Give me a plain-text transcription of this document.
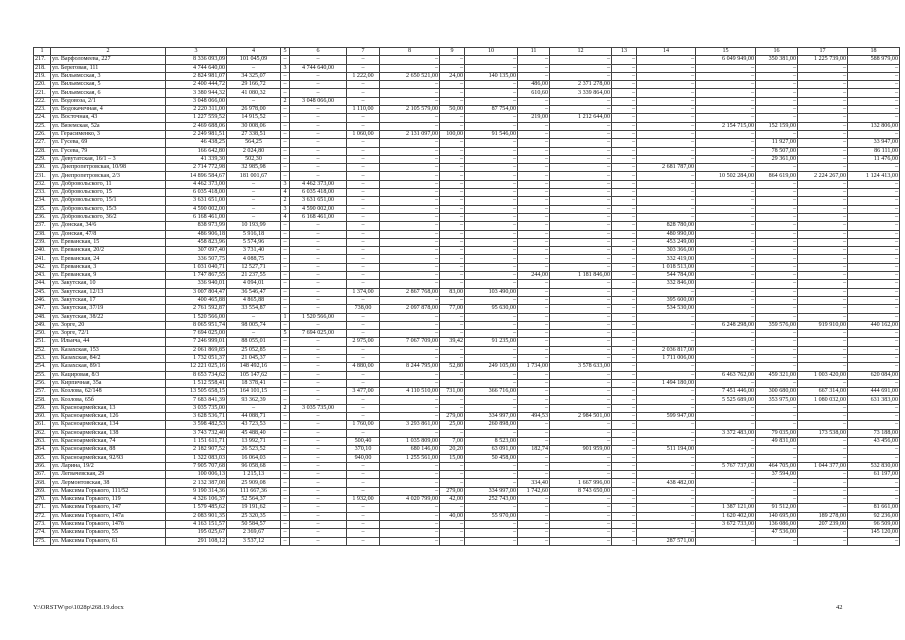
1	2	3	4	5	6	7	8	9	10	11	12	13	14	15	16	17	18
217.	ул. Варфоломеева, 227	8 336 093,09	101 045,09	–	–	–	–	–	–	–	–	–	–	6 049 949,00	350 381,00	1 225 739,00	588 979,00
218.	ул. Береговая, 111	4 744 640,00	–	3	4 744 640,00	–	–	–	–	–	–	–	–	–	–	–	–
219.	ул. Вильямсская, 3	2 824 981,07	34 325,07	–	–	1 222,00	2 650 521,00	24,00	140 135,00	–	–	–	–	–	–	–	–
220.	ул. Вильямсская, 5	2 400 444,72	29 166,72	–	–	–	–	–	–	486,00	2 371 278,00	–	–	–	–	–	–
221.	ул. Вильямсская, 6	3 380 944,32	41 080,32	–	–	–	–	–	–	610,60	3 339 864,00	–	–	–	–	–	–
222.	ул. Водовоза, 2/1	3 048 066,00	–	2	3 048 066,00	–	–	–	–	–	–	–	–	–	–	–	–
223.	ул. Водокачечная, 4	2 220 311,00	26 978,00	–	–	1 110,00	2 105 579,00	50,00	87 754,00	–	–	–	–	–	–	–	–
224.	ул. Восточная, 43	1 227 559,52	14 915,52	–	–	–	–	–	–	219,00	1 212 644,00	–	–	–	–	–	–
225.	ул. Вяземская, 52а	2 469 688,06	30 008,06	–	–	–	–	–	–	–	–	–	–	2 154 715,00	152 159,00	–	132 806,00
226.	ул. Герасименко, 3	2 249 981,51	27 338,51	–	–	1 060,00	2 131 097,00	100,00	91 546,00	–	–	–	–	–	–	–	–
227.	ул. Гусева, 69	46 438,25	564,25	–	–	–	–	–	–	–	–	–	–	–	11 927,00	–	33 947,00
228.	ул. Гусева, 79	166 642,80	2 024,80	–	–	–	–	–	–	–	–	–	–	–	78 507,00	–	86 111,00
229.	ул. Девутатская, 16/1 – 3	41 339,30	502,30	–	–	–	–	–	–	–	–	–	–	–	29 361,00	–	11 476,00
230.	ул. Днепропетровская, 10/98	2 714 772,98	32 985,98	–	–	–	–	–	–	–	–	–	2 681 787,00	–	–	–	–
231.	ул. Днепропетровская, 2/3	14 896 584,67	181 001,67	–	–	–	–	–	–	–	–	–	–	10 502 284,00	864 619,00	2 224 267,00	1 124 413,00
232.	ул. Добровольского, 11	4 462 373,00	–	3	4 462 373,00	–	–	–	–	–	–	–	–	–	–	–	–
233.	ул. Добровольского, 15	6 035 418,00	–	4	6 035 418,00	–	–	–	–	–	–	–	–	–	–	–	–
234.	ул. Добровольского, 15/1	3 631 651,00	–	2	3 631 651,00	–	–	–	–	–	–	–	–	–	–	–	–
235.	ул. Добровольского, 15/3	4 590 002,00	–	3	4 590 002,00	–	–	–	–	–	–	–	–	–	–	–	–
236.	ул. Добровольского, 36/2	6 168 461,00	–	4	6 168 461,00	–	–	–	–	–	–	–	–	–	–	–	–
237.	ул. Донская, 34/6	838 973,99	10 193,99	–	–	–	–	–	–	–	–	–	828 780,00	–	–	–	–
238.	ул. Донская, 47/8	486 906,18	5 916,18	–	–	–	–	–	–	–	–	–	480 990,00	–	–	–	–
239.	ул. Ереванская, 15	458 823,96	5 574,96	–	–	–	–	–	–	–	–	–	453 249,00	–	–	–	–
240.	ул. Ереванская, 20/2	307 097,40	3 731,40	–	–	–	–	–	–	–	–	–	303 366,00	–	–	–	–
241.	ул. Ереванская, 24	336 507,75	4 088,75	–	–	–	–	–	–	–	–	–	332 419,00	–	–	–	–
242.	ул. Ереванская, 3	1 031 040,71	12 527,71	–	–	–	–	–	–	–	–	–	1 018 513,00	–	–	–	–
243.	ул. Ереванская, 9	1 747 867,55	21 237,55	–	–	–	–	–	–	244,00	1 181 846,00	–	544 784,00	–	–	–	–
244.	ул. Закутская, 10	336 940,01	4 094,01	–	–	–	–	–	–	–	–	–	332 846,00	–	–	–	–
245.	ул. Закутская, 12/13	3 007 804,47	36 546,47	–	–	1 374,00	2 867 768,00	83,00	103 490,00	–	–	–	–	–	–	–	–
246.	ул. Закутская, 17	400 465,88	4 865,88	–	–	–	–	–	–	–	–	–	395 600,00	–	–	–	–
247.	ул. Закутская, 37/19	2 761 592,87	33 554,87	–	–	738,00	2 097 878,00	77,00	95 630,00	–	–	–	534 530,00	–	–	–	–
248.	ул. Закутская, 38/22	1 520 566,00	–	1	1 520 566,00	–	–	–	–	–	–	–	–	–	–	–	–
249.	ул. Зорге, 20	8 065 951,74	98 005,74	–	–	–	–	–	–	–	–	–	–	6 248 298,00	359 576,00	919 910,00	440 162,00
250.	ул. Зорге, 72/1	7 694 025,00	–	5	7 694 025,00	–	–	–	–	–	–	–	–	–	–	–	–
251.	ул. Ильича, 44	7 246 999,01	88 055,01	–	–	2 975,00	7 067 709,00	39,42	91 235,00	–	–	–	–	–	–	–	–
252.	ул. Казахская, 153	2 061 869,85	25 052,85	–	–	–	–	–	–	–	–	–	2 036 817,00	–	–	–	–
253.	ул. Казахская, 84/2	1 732 051,37	21 045,37	–	–	–	–	–	–	–	–	–	1 711 006,00	–	–	–	–
254.	ул. Казахская, 89/1	12 221 025,16	148 492,16	–	–	4 880,00	8 244 795,00	52,80	249 105,00	1 734,00	3 578 633,00	–	–	–	–	–	–
255.	ул. Кацировая, 8/3	8 653 734,62	105 147,62	–	–	–	–	–	–	–	–	–	–	6 463 762,00	459 321,00	1 003 420,00	620 084,00
256.	ул. Кирпичная, 35а	1 512 558,41	18 378,41	–	–	–	–	–	–	–	–	–	1 494 180,00	–	–	–	–
257.	ул. Козлова, 62/148	13 505 658,15	164 101,15	–	–	3 477,00	4 110 510,00	731,00	366 716,00	–	–	–	–	7 451 446,00	300 680,00	667 314,00	444 691,00
258.	ул. Козлова, 65б	7 683 841,39	93 362,39	–	–	–	–	–	–	–	–	–	–	5 525 689,00	353 975,00	1 080 032,00	631 383,00
259.	ул. Красноармейская, 13	3 035 735,00	–	2	3 035 735,00	–	–	–	–	–	–	–	–	–	–	–	–
260.	ул. Красноармейская, 126	3 628 536,71	44 088,71	–	–	–	–	279,00	334 997,00	494,53	2 984 501,00	–	599 947,00	–	–	–	–
261.	ул. Красноармейская, 134	3 598 482,53	43 723,53	–	–	1 760,00	3 293 861,00	25,00	260 898,00	–	–	–	–	–	–	–	–
262.	ул. Красноармейская, 138	3 743 732,40	45 488,40	–	–	–	–	–	–	–	–	–	–	3 372 483,00	79 035,00	173 538,00	73 188,00
263.	ул. Красноармейская, 74	1 151 611,71	13 992,71	–	–	500,40	1 035 809,00	7,00	8 523,00	–	–	–	–	–	49 831,00	–	43 456,00
264.	ул. Красноармейская, 88	2 182 907,52	26 523,52	–	–	370,10	680 146,00	20,20	63 091,00	182,74	901 959,00	–	511 194,00	–	–	–	–
265.	ул. Красноармейская, 92/93	1 322 083,03	16 064,03	–	–	940,00	1 255 561,00	15,00	50 458,00	–	–	–	–	–	–	–	–
266.	ул. Ларина, 19/2	7 905 707,68	96 058,68	–	–	–	–	–	–	–	–	–	–	5 767 737,00	464 705,00	1 044 377,00	532 830,00
267.	ул. Легвачевская, 29	100 006,13	1 215,13	–	–	–	–	–	–	–	–	–	–	–	37 594,00	–	61 197,00
268.	ул. Лермонтовская, 38	2 132 387,08	25 909,08	–	–	–	–	–	–	334,40	1 667 996,00	–	438 482,00	–	–	–	–
269.	ул. Максима Горького, 111/52	9 190 314,36	111 667,36	–	–	–	–	279,00	334 997,00	1 742,60	8 743 650,00	–	–	–	–	–	–
270.	ул. Максима Горького, 119	4 326 106,37	52 564,37	–	–	1 932,00	4 020 799,00	42,00	252 743,00	–	–	–	–	–	–	–	–
271.	ул. Максима Горького, 147	1 579 485,62	19 191,62	–	–	–	–	–	–	–	–	–	–	1 387 121,00	91 512,00	–	81 661,00
272.	ул. Максима Горького, 147а	2 083 901,35	25 320,35	–	–	–	–	40,00	55 970,00	–	–	–	–	1 620 402,00	140 695,00	189 278,00	92 236,00
273.	ул. Максима Горького, 147б	4 163 151,57	50 584,57	–	–	–	–	–	–	–	–	–	–	3 672 733,00	136 086,00	207 239,00	96 509,00
274.	ул. Максима Горького, 55	195 025,67	2 369,67	–	–	–	–	–	–	–	–	–	–	–	47 536,00	–	145 120,00
275.	ул. Максима Горького, 61	291 108,12	3 537,12	–	–	–	–	–	–	–	–	–	287 571,00	–	–	–	–
Y:\ORSTW\po\1028p\268.19.docx	42
